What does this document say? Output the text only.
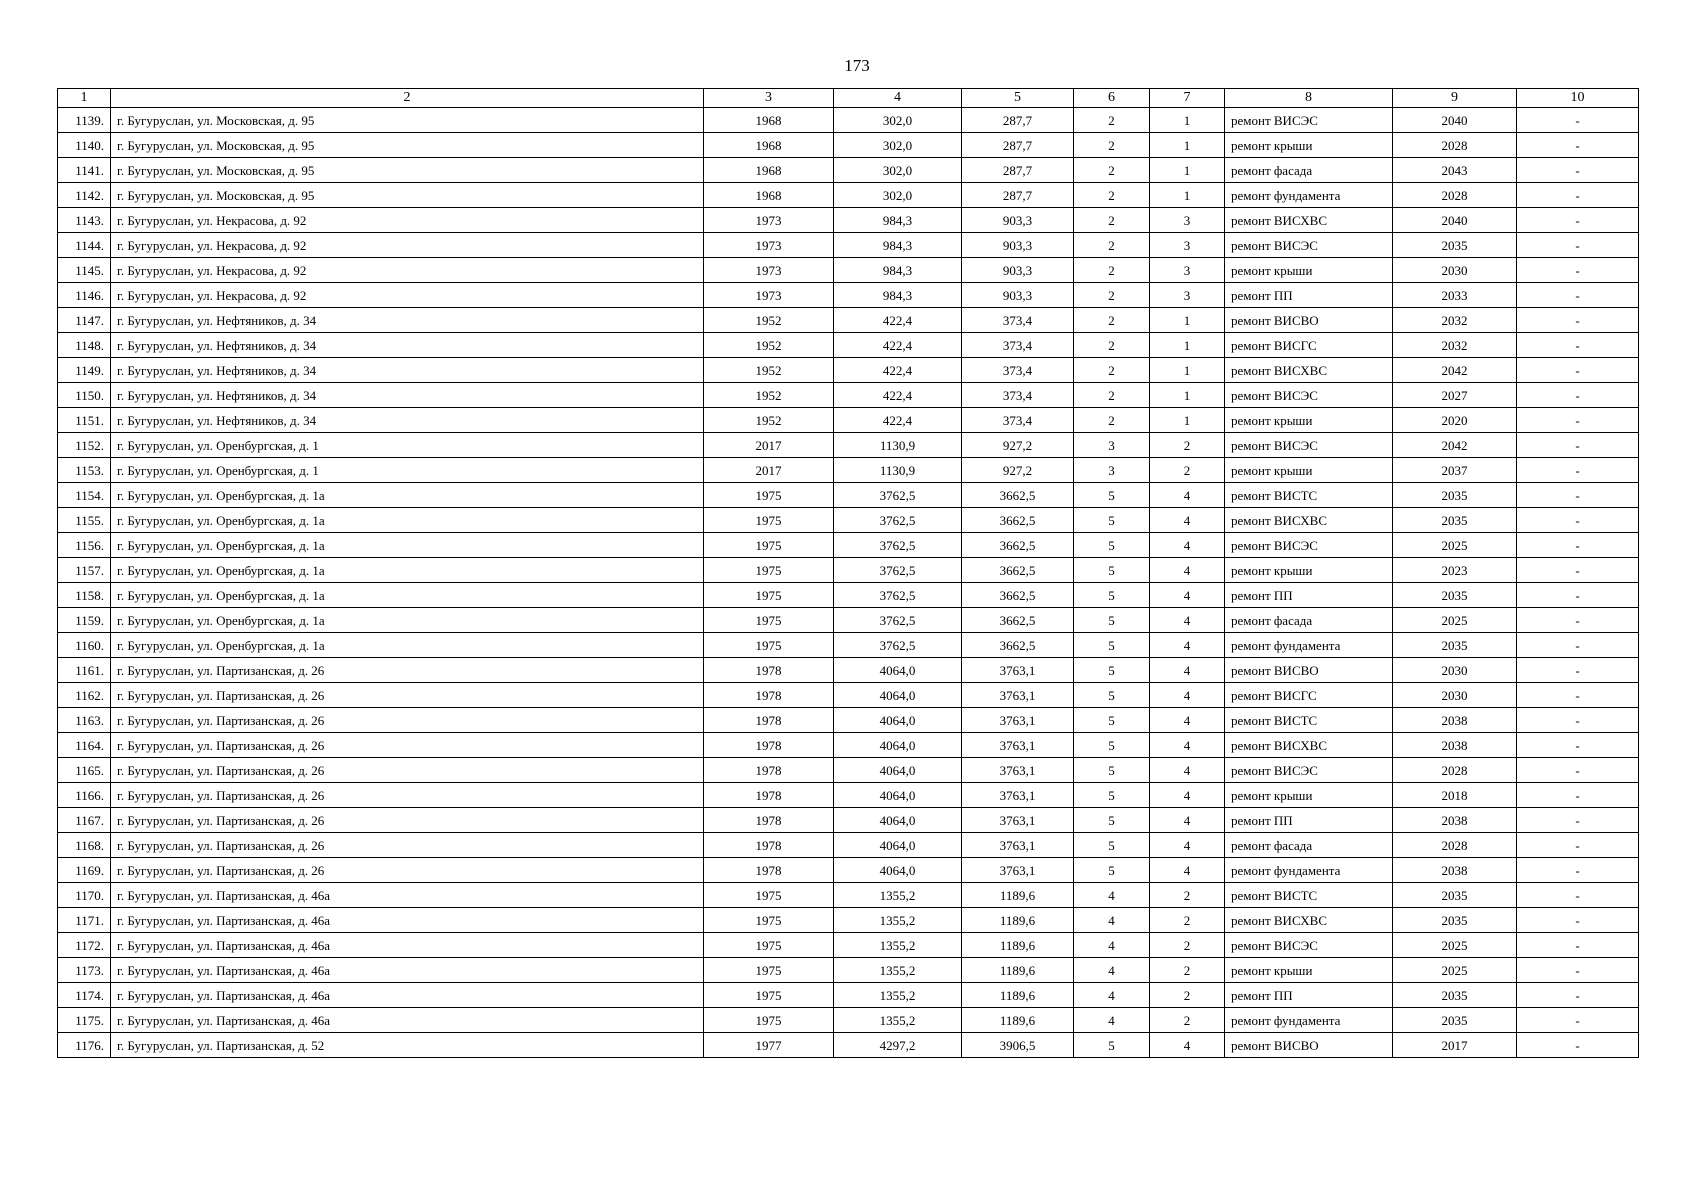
173
1	2	3	4	5	6	7	8	9	10
1139.	г. Бугуруслан, ул. Московская, д. 95	1968	302,0	287,7	2	1	ремонт ВИСЭС	2040	-
1140.	г. Бугуруслан, ул. Московская, д. 95	1968	302,0	287,7	2	1	ремонт крыши	2028	-
1141.	г. Бугуруслан, ул. Московская, д. 95	1968	302,0	287,7	2	1	ремонт фасада	2043	-
1142.	г. Бугуруслан, ул. Московская, д. 95	1968	302,0	287,7	2	1	ремонт фундамента	2028	-
1143.	г. Бугуруслан, ул. Некрасова, д. 92	1973	984,3	903,3	2	3	ремонт ВИСХВС	2040	-
1144.	г. Бугуруслан, ул. Некрасова, д. 92	1973	984,3	903,3	2	3	ремонт ВИСЭС	2035	-
1145.	г. Бугуруслан, ул. Некрасова, д. 92	1973	984,3	903,3	2	3	ремонт крыши	2030	-
1146.	г. Бугуруслан, ул. Некрасова, д. 92	1973	984,3	903,3	2	3	ремонт ПП	2033	-
1147.	г. Бугуруслан, ул. Нефтяников, д. 34	1952	422,4	373,4	2	1	ремонт ВИСВО	2032	-
1148.	г. Бугуруслан, ул. Нефтяников, д. 34	1952	422,4	373,4	2	1	ремонт ВИСГС	2032	-
1149.	г. Бугуруслан, ул. Нефтяников, д. 34	1952	422,4	373,4	2	1	ремонт ВИСХВС	2042	-
1150.	г. Бугуруслан, ул. Нефтяников, д. 34	1952	422,4	373,4	2	1	ремонт ВИСЭС	2027	-
1151.	г. Бугуруслан, ул. Нефтяников, д. 34	1952	422,4	373,4	2	1	ремонт крыши	2020	-
1152.	г. Бугуруслан, ул. Оренбургская, д. 1	2017	1130,9	927,2	3	2	ремонт ВИСЭС	2042	-
1153.	г. Бугуруслан, ул. Оренбургская, д. 1	2017	1130,9	927,2	3	2	ремонт крыши	2037	-
1154.	г. Бугуруслан, ул. Оренбургская, д. 1а	1975	3762,5	3662,5	5	4	ремонт ВИСТС	2035	-
1155.	г. Бугуруслан, ул. Оренбургская, д. 1а	1975	3762,5	3662,5	5	4	ремонт ВИСХВС	2035	-
1156.	г. Бугуруслан, ул. Оренбургская, д. 1а	1975	3762,5	3662,5	5	4	ремонт ВИСЭС	2025	-
1157.	г. Бугуруслан, ул. Оренбургская, д. 1а	1975	3762,5	3662,5	5	4	ремонт крыши	2023	-
1158.	г. Бугуруслан, ул. Оренбургская, д. 1а	1975	3762,5	3662,5	5	4	ремонт ПП	2035	-
1159.	г. Бугуруслан, ул. Оренбургская, д. 1а	1975	3762,5	3662,5	5	4	ремонт фасада	2025	-
1160.	г. Бугуруслан, ул. Оренбургская, д. 1а	1975	3762,5	3662,5	5	4	ремонт фундамента	2035	-
1161.	г. Бугуруслан, ул. Партизанская, д. 26	1978	4064,0	3763,1	5	4	ремонт ВИСВО	2030	-
1162.	г. Бугуруслан, ул. Партизанская, д. 26	1978	4064,0	3763,1	5	4	ремонт ВИСГС	2030	-
1163.	г. Бугуруслан, ул. Партизанская, д. 26	1978	4064,0	3763,1	5	4	ремонт ВИСТС	2038	-
1164.	г. Бугуруслан, ул. Партизанская, д. 26	1978	4064,0	3763,1	5	4	ремонт ВИСХВС	2038	-
1165.	г. Бугуруслан, ул. Партизанская, д. 26	1978	4064,0	3763,1	5	4	ремонт ВИСЭС	2028	-
1166.	г. Бугуруслан, ул. Партизанская, д. 26	1978	4064,0	3763,1	5	4	ремонт крыши	2018	-
1167.	г. Бугуруслан, ул. Партизанская, д. 26	1978	4064,0	3763,1	5	4	ремонт ПП	2038	-
1168.	г. Бугуруслан, ул. Партизанская, д. 26	1978	4064,0	3763,1	5	4	ремонт фасада	2028	-
1169.	г. Бугуруслан, ул. Партизанская, д. 26	1978	4064,0	3763,1	5	4	ремонт фундамента	2038	-
1170.	г. Бугуруслан, ул. Партизанская, д. 46а	1975	1355,2	1189,6	4	2	ремонт ВИСТС	2035	-
1171.	г. Бугуруслан, ул. Партизанская, д. 46а	1975	1355,2	1189,6	4	2	ремонт ВИСХВС	2035	-
1172.	г. Бугуруслан, ул. Партизанская, д. 46а	1975	1355,2	1189,6	4	2	ремонт ВИСЭС	2025	-
1173.	г. Бугуруслан, ул. Партизанская, д. 46а	1975	1355,2	1189,6	4	2	ремонт крыши	2025	-
1174.	г. Бугуруслан, ул. Партизанская, д. 46а	1975	1355,2	1189,6	4	2	ремонт ПП	2035	-
1175.	г. Бугуруслан, ул. Партизанская, д. 46а	1975	1355,2	1189,6	4	2	ремонт фундамента	2035	-
1176.	г. Бугуруслан, ул. Партизанская, д. 52	1977	4297,2	3906,5	5	4	ремонт ВИСВО	2017	-
